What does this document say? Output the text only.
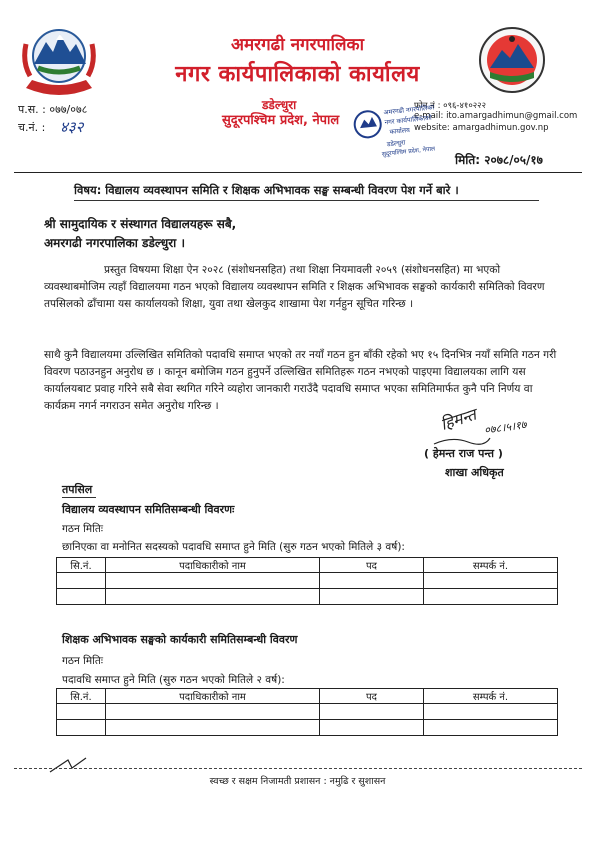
अमरगढी नगरपालिका
नगर कार्यपालिकाको कार्यालय
डडेल्धुरा
सुदूरपश्चिम प्रदेश, नेपाल
फोन नं : ०९६-४१०२२२
e-mail: ito.amargadhimun@gmail.com
website: amargadhimun.gov.np
प.स. : ०७७/०७८
च.नं. : ४३२
मिति: २०७८/०५/१७
अमरगढी नगरपालिका
नगर कार्यपालिकाको
कार्यालय
डडेल्धुरा
सुदूरपश्चिम प्रदेश, नेपाल
विषय: विद्यालय व्यवस्थापन समिति र शिक्षक अभिभावक सङ्घ सम्बन्धी विवरण पेश गर्ने बारे ।
श्री सामुदायिक र संस्थागत विद्यालयहरू सबै,
अमरगढी नगरपालिका डडेल्धुरा ।
प्रस्तुत विषयमा शिक्षा ऐन २०२८ (संशोधनसहित) तथा शिक्षा नियमावली २०५९ (संशोधनसहित) मा भएको व्यवस्थाबमोजिम त्यहाँ विद्यालयमा गठन भएको विद्यालय व्यवस्थापन समिति र शिक्षक अभिभावक सङ्घको कार्यकारी समितिको विवरण तपसिलको ढाँचामा यस कार्यालयको शिक्षा, युवा तथा खेलकुद शाखामा पेश गर्नहुन सूचित गरिन्छ ।
साथै कुनै विद्यालयमा उल्लिखित समितिको पदावधि समाप्त भएको तर नयाँ गठन हुन बाँकी रहेको भए १५ दिनभित्र नयाँ समिति गठन गरी विवरण पठाउनहुन अनुरोध छ । कानून बमोजिम गठन हुनुपर्ने उल्लिखित समितिहरू गठन नभएको पाइएमा विद्यालयका लागि यस कार्यालयबाट प्रवाह गरिने सबै सेवा स्थगित गरिने व्यहोरा जानकारी गराउँदै पदावधि समाप्त भएका समितिमार्फत कुनै पनि निर्णय वा कार्यक्रम नगर्न नगराउन समेत अनुरोध गरिन्छ ।	हिमन्त ०७८।५।१७
( हेमन्त राज पन्त )
शाखा अधिकृत
तपसिल
विद्यालय व्यवस्थापन समितिसम्बन्धी विवरणः
गठन मितिः
छानिएका वा मनोनित सदस्यको पदावधि समाप्त हुने मिति (सुरु गठन भएको मितिले ३ वर्ष):
सि.नं.	पदाधिकारीको नाम	पद	सम्पर्क नं.

शिक्षक अभिभावक सङ्घको कार्यकारी समितिसम्बन्धी विवरण
गठन मितिः
पदावधि समाप्त हुने मिति (सुरु गठन भएको मितिले २ वर्ष):
सि.नं.	पदाधिकारीको नाम	पद	सम्पर्क नं.

स्वच्छ र सक्षम निजामती प्रशासन : नमुढि र सुशासन
